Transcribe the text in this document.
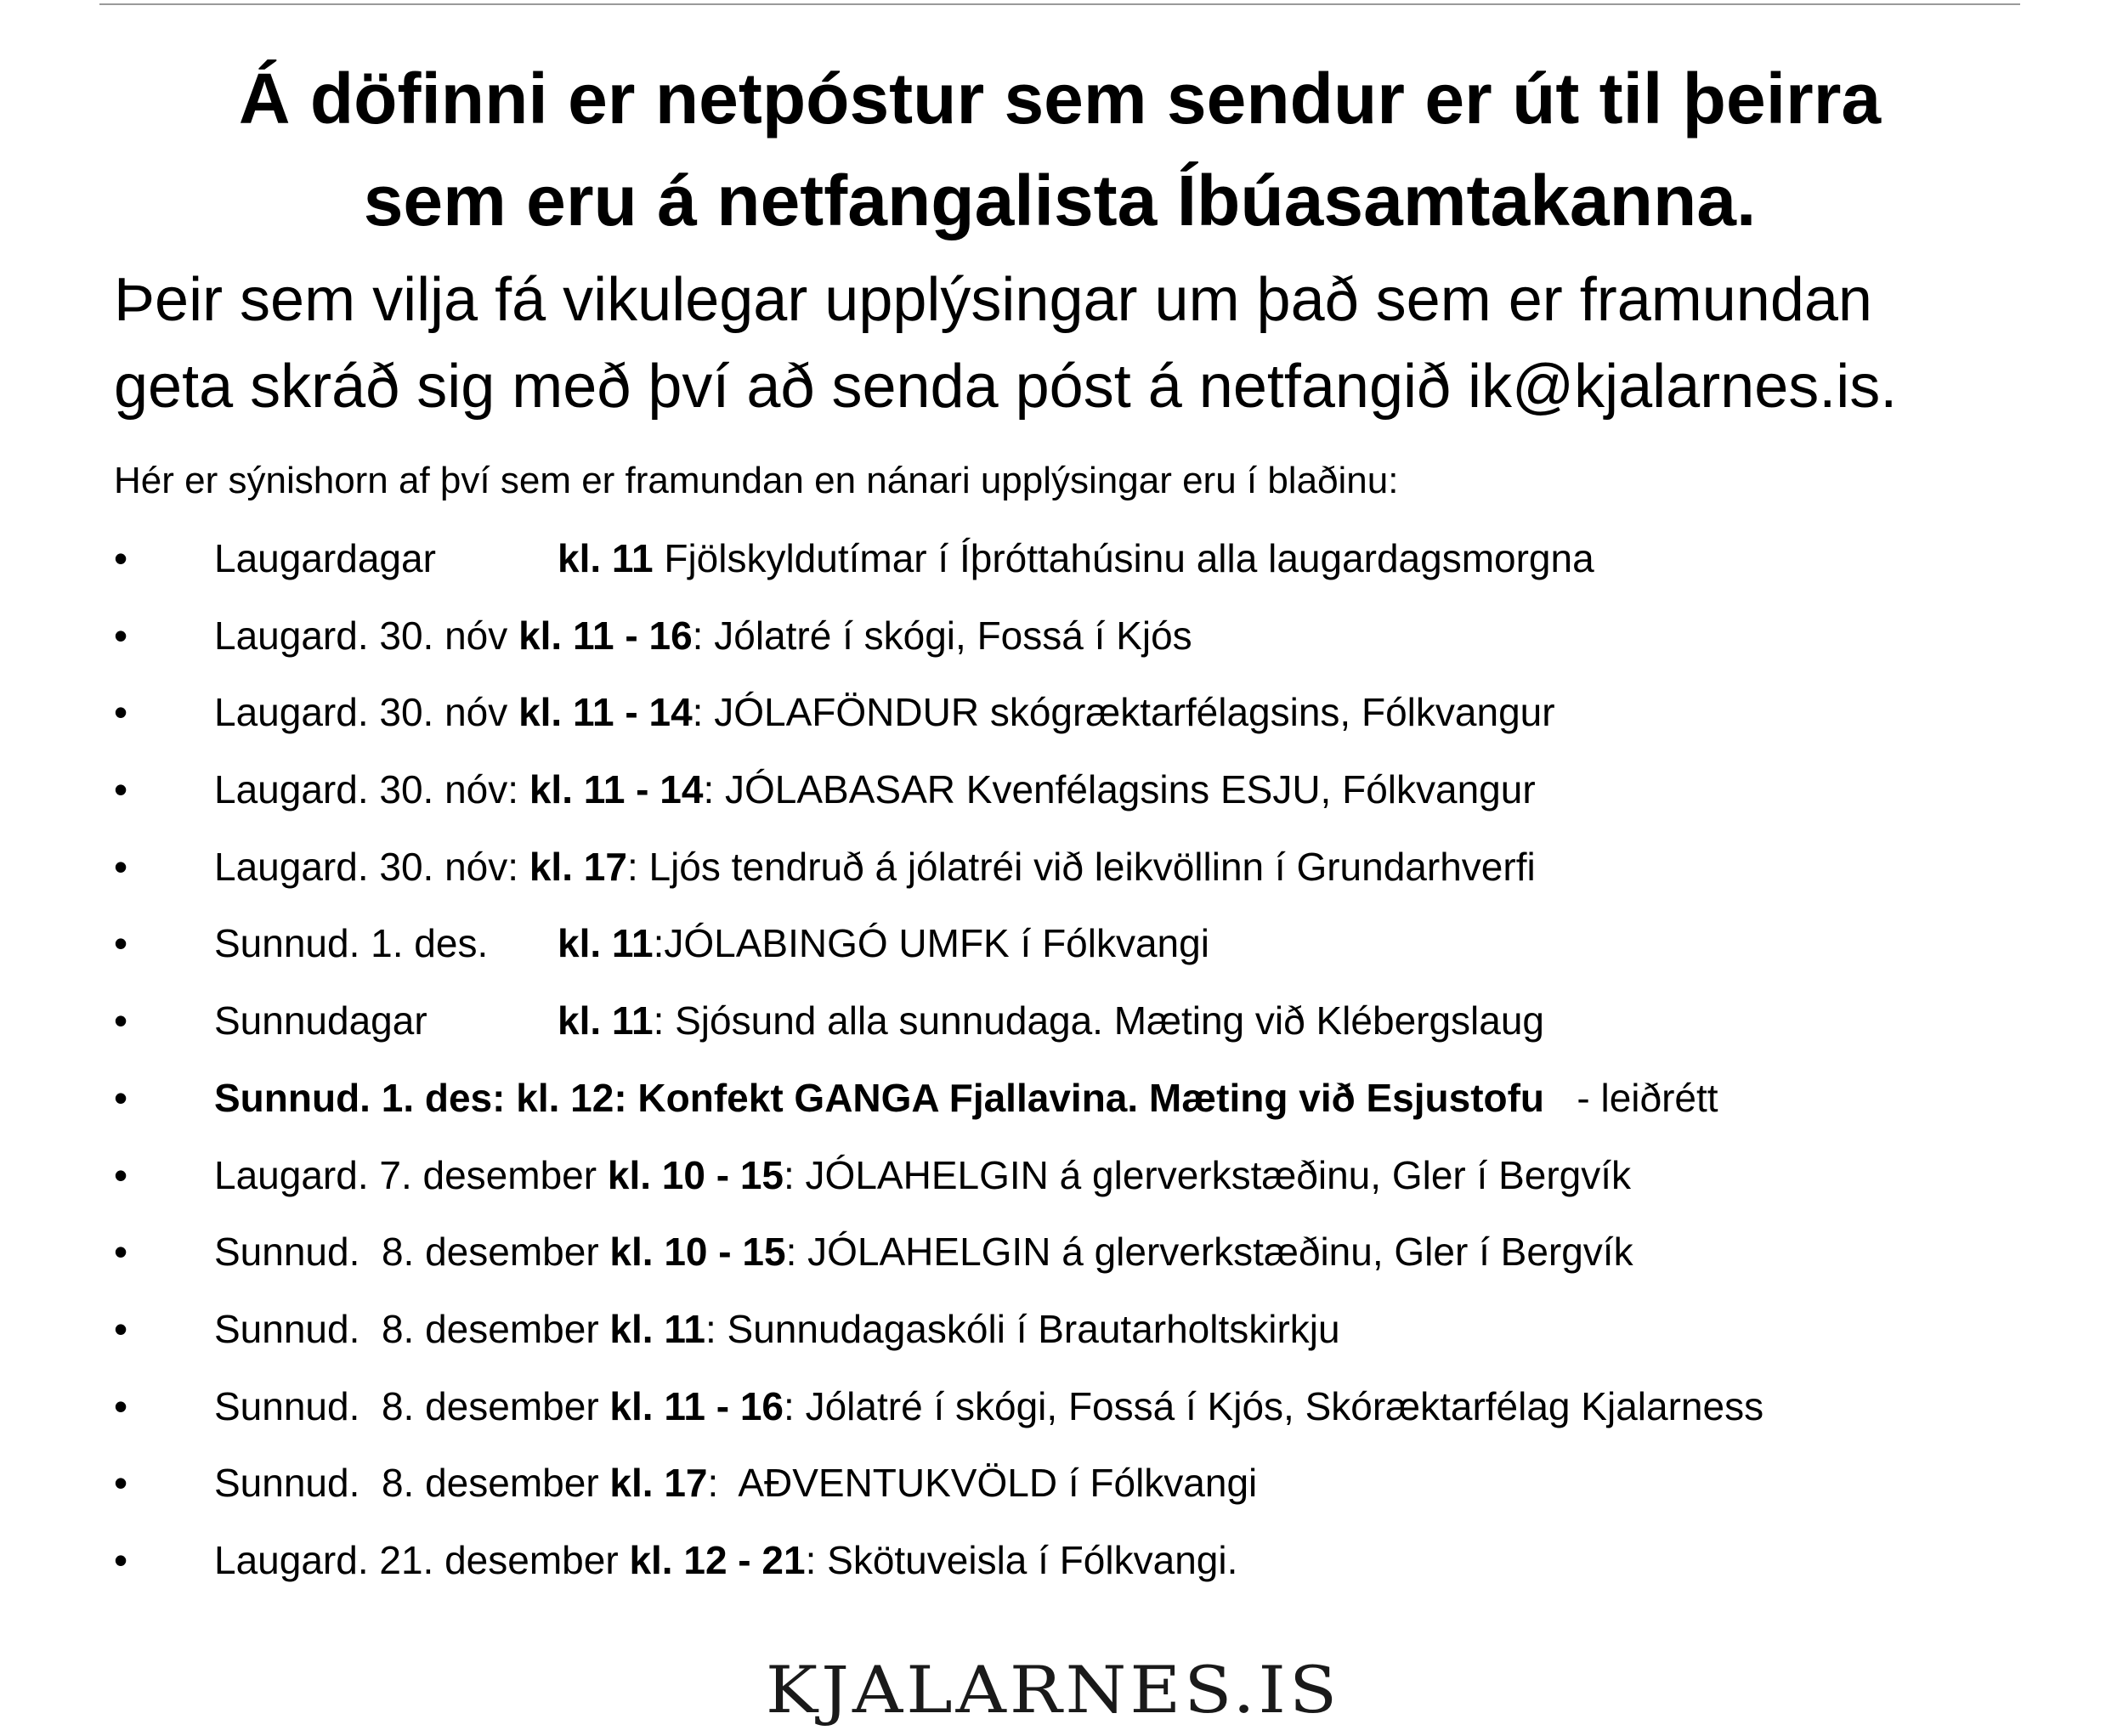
Á döfinni er netpóstur sem sendur er út til þeirra
sem eru á netfangalista Íbúasamtakanna.

Þeir sem vilja fá vikulegar upplýsingar um það sem er framundan
geta skráð sig með því að senda póst á netfangið ik@kjalarnes.is.

Hér er sýnishorn af því sem er framundan en nánari upplýsingar eru í blaðinu:

• Laugardagar	kl. 11 Fjölskyldutímar í Íþróttahúsinu alla laugardagsmorgna
• Laugard. 30. nóv kl. 11 - 16: Jólatré í skógi, Fossá í Kjós
• Laugard. 30. nóv kl. 11 - 14: JÓLAFÖNDUR skógræktarfélagsins, Fólkvangur
• Laugard. 30. nóv: kl. 11 - 14: JÓLABASAR Kvenfélagsins ESJU, Fólkvangur
• Laugard. 30. nóv: kl. 17: Ljós tendruð á jólatréi við leikvöllinn í Grundarhverfi
• Sunnud. 1. des. kl. 11:JÓLABINGÓ UMFK í Fólkvangi
• Sunnudagar	kl. 11: Sjósund alla sunnudaga. Mæting við Klébergslaug
• Sunnud. 1. des: kl. 12: Konfekt GANGA Fjallavina. Mæting við Esjustofu   - leiðrétt
• Laugard. 7. desember kl. 10 - 15: JÓLAHELGIN á glerverkstæðinu, Gler í Bergvík
• Sunnud.  8. desember kl. 10 - 15: JÓLAHELGIN á glerverkstæðinu, Gler í Bergvík
• Sunnud.  8. desember kl. 11: Sunnudagaskóli í Brautarholtskirkju
• Sunnud.  8. desember kl. 11 - 16: Jólatré í skógi, Fossá í Kjós, Skóræktarfélag Kjalarness
• Sunnud.  8. desember kl. 17:  AÐVENTUKVÖLD í Fólkvangi
• Laugard. 21. desember kl. 12 - 21: Skötuveisla í Fólkvangi.
KJALARNES.IS
